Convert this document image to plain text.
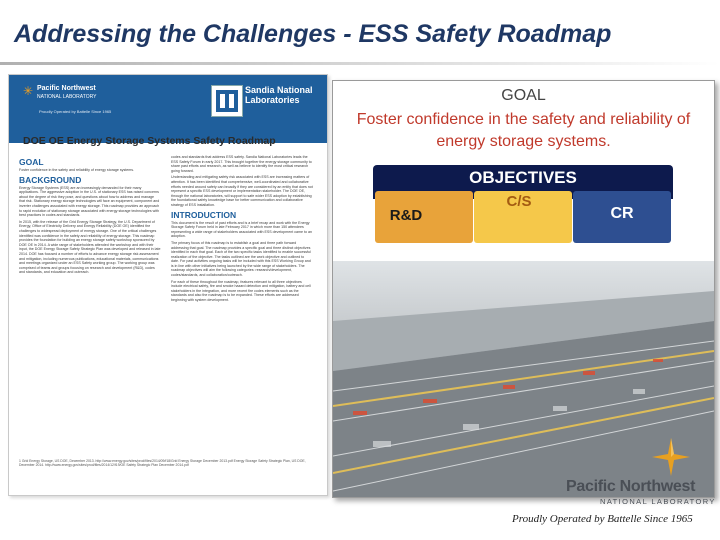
Addressing the Challenges - ESS Safety Roadmap
✳ Pacific Northwest
NATIONAL LABORATORY
Proudly Operated by Battelle Since 1965
Sandia National Laboratories
DOE OE Energy Storage Systems Safety Roadmap
GOAL

Foster confidence in the safety and reliability of energy storage systems.

BACKGROUND

Energy Storage Systems (ESS) are an increasingly demanded for their many applications. The aggressive adoption in the U.S. of stationary ESS has raised concerns about the degree of risk they pose, and questions about how to address and manage that risk. Stationary energy storage technologies will face an equipment, component and inverter challenges associated with energy storage. This roadmap provides an approach to rapid evolution of stationary storage associated with energy storage technologies with best practices in codes and standards.

In 2015, with the release of the Grid Energy Storage Strategy, the U.S. Department of Energy, Office of Electricity Delivery and Energy Reliability (DOE OE) identified the challenges to widespread deployment of energy storage. One of the critical challenges identified was confidence in the safety and reliability of energy storage. This roadmap provides the foundation for building an energy storage safety workshop sponsored by DOE OE in 2014. A wide range of stakeholders attended the workshop and with their input, the DOE Energy Storage Safety Strategic Plan was developed and released in late 2014. DOE has focused a number of efforts to advance energy storage risk assessment and mitigation, including numerous publications, educational materials, communications and meetings organized under an ESS Safety working group. The working group was comprised of teams and groups focusing on research and development (R&D), codes and standards, and education and outreach.

codes and standards that address ESS safety. Sandia National Laboratories leads the ESS Safety Forum in early 2017. This brought together the energy storage community to share past efforts and research, as well as believe to identify the most critical research going forward.

Understanding and mitigating safety risk associated with ESS are increasing matters of attention. It has been identified that comprehensive, well-coordinated and collaborative efforts needed around safety can broadly if they are considered by an entity that does not represent a specific ESS development or implementation stakeholder. The DOE OE, through the national laboratories, will support to safe wider ESS adoption by establishing the foundational safety knowledge base for better communication and collaborative strategy of ESS installation.

INTRODUCTION

This document is the result of past efforts and is a brief recap and work with the Energy Storage Safety Forum held in late February 2017 in which more than 150 attendees representing a wide range of stakeholders associated with ESS development came to an adoption.

The primary focus of this roadmap is to establish a goal and three path forward addressing that goal. The roadmap provides a specific goal and three distinct objectives identified in each that goal. Each of the two specific tasks identified to enable successful realization of the objective. The tasks outlined are the work objective and outlined to date. For past activities ongoing tasks will be included with this ESS Working Group and is in line with other initiatives being launched by the wide range of stakeholders. The roadmap objectives will aim the following categories: research/development, codes/standards, and collaboration/outreach.

For each of these throughout the roadmap, features relevant to all three objectives include electrical safety, fire and smoke hazard detection and mitigation, battery and cell stakeholders in the integration, and more recent fire codes elements such as the standards and also the roadmap is to be expanded. These efforts are addressed beginning with system development.

1 Grid Energy Storage, US DOE, December 2013. http://www.energy.gov/sites/prod/files/2014/09/f18/Grid Energy Storage December 2013.pdf Energy Storage Safety Strategic Plan, US DOE, December 2014. http://www.energy.gov/sites/prod/files/2014/12/f19/OE Safety Strategic Plan December 2014.pdf
GOAL
Foster confidence in the safety and reliability of energy storage systems.
OBJECTIVES
R&D
C/S
CR
Pacific Northwest
NATIONAL LABORATORY
Proudly Operated by Battelle Since 1965
